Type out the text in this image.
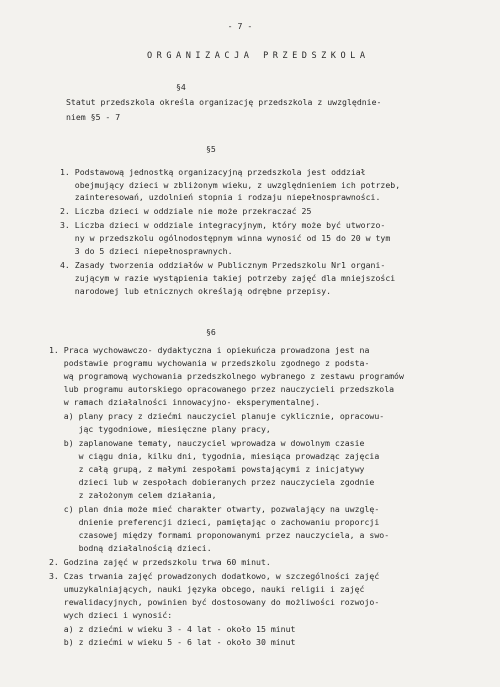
- 7 -
ORGANIZACJA PRZEDSZKOLA
§4
Statut przedszkola określa organizację przedszkola z uwzględnie-
niem §5 - 7
§5
1. Podstawową jednostką organizacyjną przedszkola jest oddział
obejmujący dzieci w zbliżonym wieku, z uwzględnieniem ich potrzeb,
zainteresowań, uzdolnień stopnia i rodzaju niepełnosprawności.
2. Liczba dzieci w oddziale nie może przekraczać 25
3. Liczba dzieci w oddziale integracyjnym, który może być utworzo-
ny w przedszkolu ogólnodostępnym winna wynosić od 15 do 20 w tym
3 do 5 dzieci niepełnosprawnych.
4. Zasady tworzenia oddziałów w Publicznym Przedszkolu Nr1 organi-
zującym w razie wystąpienia takiej potrzeby zajęć dla mniejszości
narodowej lub etnicznych określają odrębne przepisy.
§6
1. Praca wychowawczo- dydaktyczna i opiekuńcza prowadzona jest na
podstawie programu wychowania w przedszkolu zgodnego z podsta-
wą programową wychowania przedszkolnego wybranego z zestawu programów
lub programu autorskiego opracowanego przez nauczycieli przedszkola
w ramach działalności innowacyjno- eksperymentalnej.
a) plany pracy z dziećmi nauczyciel planuje cyklicznie, opracowu-
jąc tygodniowe, miesięczne plany pracy,
b) zaplanowane tematy, nauczyciel wprowadza w dowolnym czasie
w ciągu dnia, kilku dni, tygodnia, miesiąca prowadząc zajęcia
z całą grupą, z małymi zespołami powstającymi z inicjatywy
dzieci lub w zespołach dobieranych przez nauczyciela zgodnie
z założonym celem działania,
c) plan dnia może mieć charakter otwarty, pozwalający na uwzglę-
dnienie preferencji dzieci, pamiętając o zachowaniu proporcji
czasowej między formami proponowanymi przez nauczyciela, a swo-
bodną działalnością dzieci.
2. Godzina zajęć w przedszkolu trwa 60 minut.
3. Czas trwania zajęć prowadzonych dodatkowo, w szczególności zajęć
umuzykalniających, nauki języka obcego, nauki religii i zajęć
rewalidacyjnych, powinien być dostosowany do możliwości rozwojo-
wych dzieci i wynosić:
a) z dziećmi w wieku 3 - 4 lat - około 15 minut
b) z dziećmi w wieku 5 - 6 lat - około 30 minut
